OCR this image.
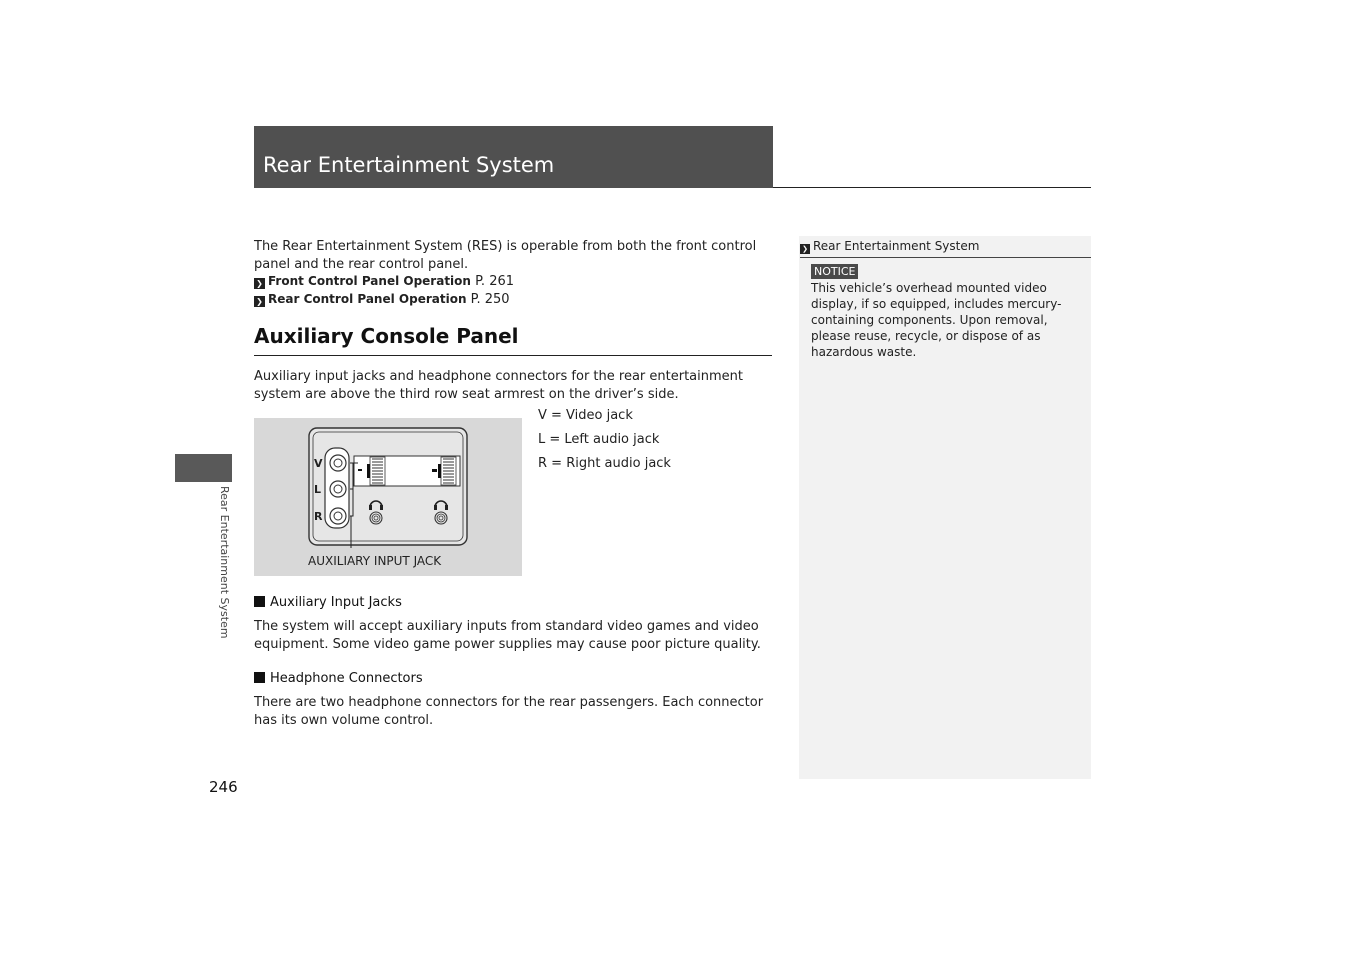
Rear Entertainment System
Rear Entertainment System
The Rear Entertainment System (RES) is operable from both the front control panel and the rear control panel.
❯ Front Control Panel Operation P. 261
❯ Rear Control Panel Operation P. 250
Auxiliary Console Panel
Auxiliary input jacks and headphone connectors for the rear entertainment system are above the third row seat armrest on the driver’s side.
V
L
R
AUXILIARY INPUT JACK
V = Video jack
L = Left audio jack
R = Right audio jack
Auxiliary Input Jacks
The system will accept auxiliary inputs from standard video games and video equipment. Some video game power supplies may cause poor picture quality.
Headphone Connectors
There are two headphone connectors for the rear passengers. Each connector has its own volume control.
❯ Rear Entertainment System
NOTICE
This vehicle’s overhead mounted video display, if so equipped, includes mercury-containing components. Upon removal, please reuse, recycle, or dispose of as hazardous waste.
246
